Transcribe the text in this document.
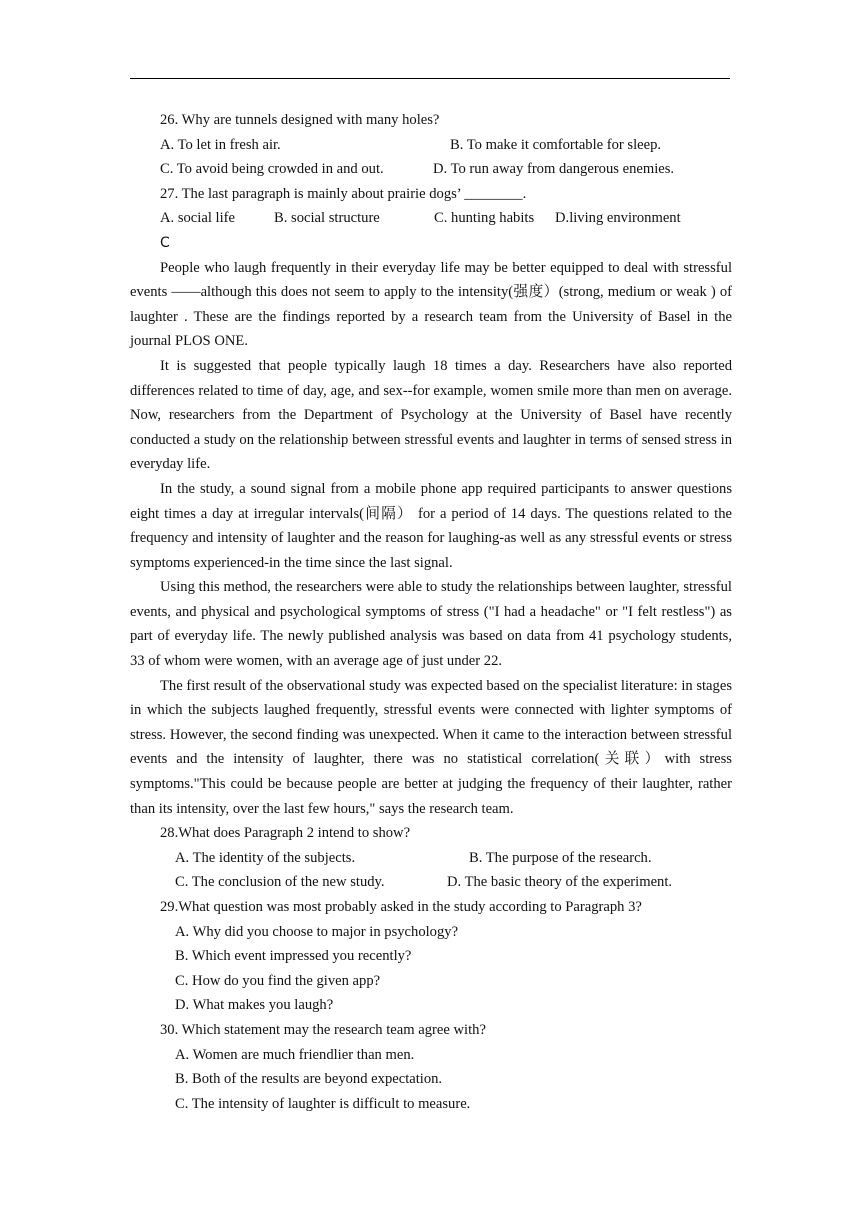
26. Why are tunnels designed with many holes?
A. To let in fresh air.	B. To make it comfortable for sleep.
C. To avoid being crowded in and out.	D. To run away from dangerous enemies.
27. The last paragraph is mainly about prairie dogs’ ________.
A. social life	B. social structure	C. hunting habits	D.living environment
C

People who laugh frequently in their everyday life may be better equipped to deal with stressful events ——although this does not seem to apply to the intensity(强度）(strong, medium or weak ) of laughter . These are the findings reported by a research team from the University of Basel in the journal PLOS ONE.

It is suggested that people typically laugh 18 times a day. Researchers have also reported differences related to time of day, age, and sex--for example, women smile more than men on average. Now, researchers from the Department of Psychology at the University of Basel have recently conducted a study on the relationship between stressful events and laughter in terms of sensed stress in everyday life.

In the study, a sound signal from a mobile phone app required participants to answer questions eight times a day at irregular intervals(间隔） for a period of 14 days. The questions related to the frequency and intensity of laughter and the reason for laughing-as well as any stressful events or stress symptoms experienced-in the time since the last signal.

Using this method, the researchers were able to study the relationships between laughter, stressful events, and physical and psychological symptoms of stress ("I had a headache" or "I felt restless") as part of everyday life. The newly published analysis was based on data from 41 psychology students, 33 of whom were women, with an average age of just under 22.

The first result of the observational study was expected based on the specialist literature: in stages in which the subjects laughed frequently, stressful events were connected with lighter symptoms of stress. However, the second finding was unexpected. When it came to the interaction between stressful events and the intensity of laughter, there was no statistical correlation(关联）with stress symptoms."This could be because people are better at judging the frequency of their laughter, rather than its intensity, over the last few hours," says the research team.

28.What does Paragraph 2 intend to show?
A. The identity of the subjects.	B. The purpose of the research.
C. The conclusion of the new study.	D. The basic theory of the experiment.
29.What question was most probably asked in the study according to Paragraph 3?
A. Why did you choose to major in psychology?
B. Which event impressed you recently?
C. How do you find the given app?
D. What makes you laugh?
30. Which statement may the research team agree with?
A. Women are much friendlier than men.
B. Both of the results are beyond expectation.
C. The intensity of laughter is difficult to measure.
